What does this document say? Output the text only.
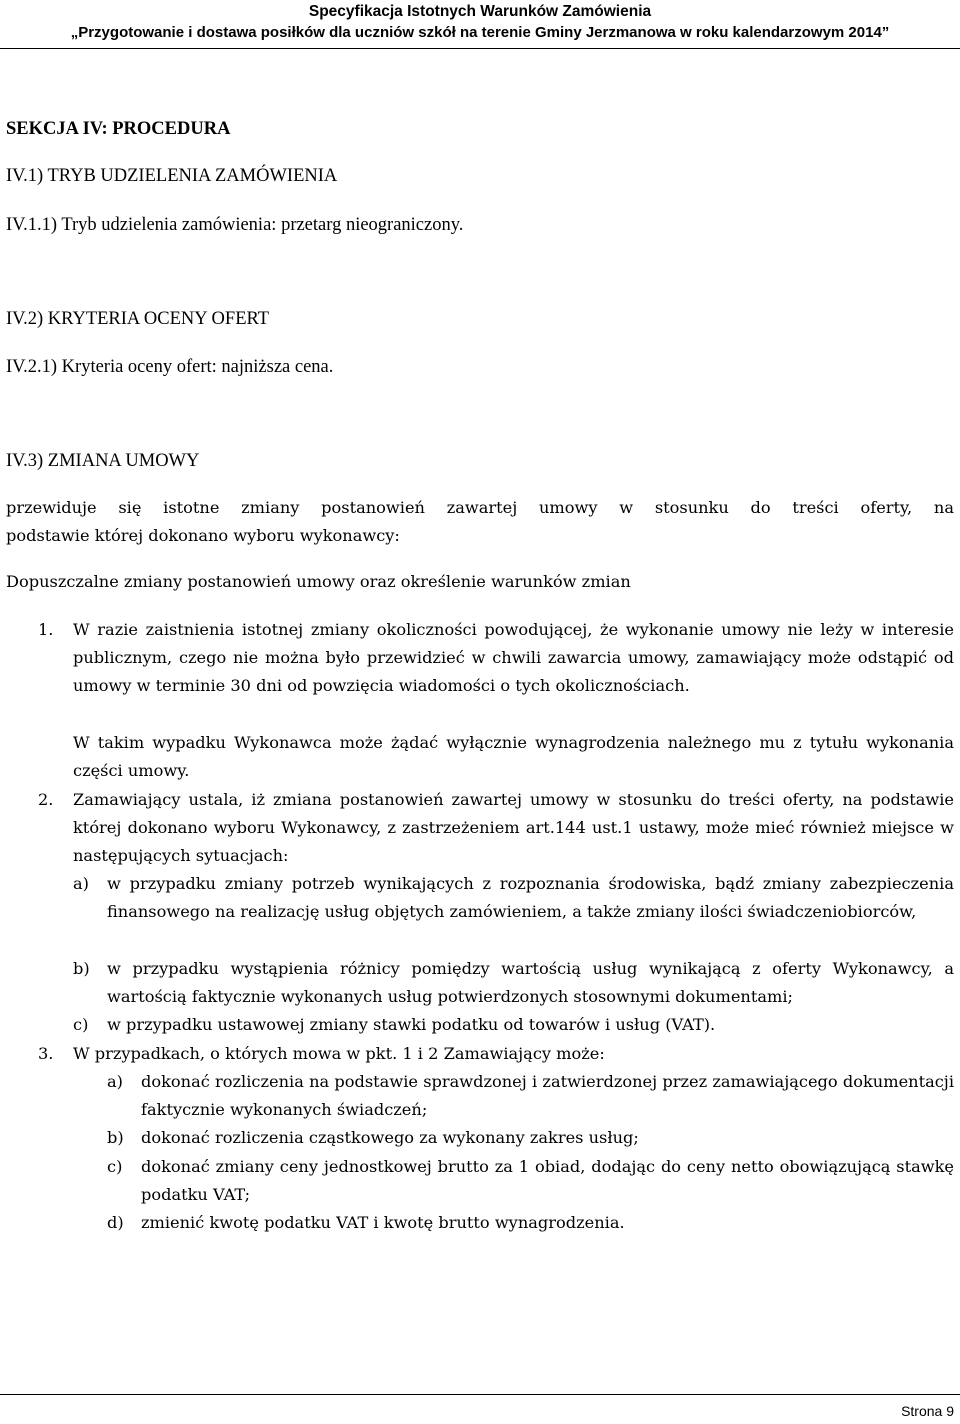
Specyfikacja Istotnych Warunków Zamówienia
„Przygotowanie i dostawa posiłków dla uczniów szkół na terenie Gminy Jerzmanowa w roku kalendarzowym 2014”
SEKCJA IV: PROCEDURA
IV.1) TRYB UDZIELENIA ZAMÓWIENIA
IV.1.1) Tryb udzielenia zamówienia: przetarg nieograniczony.
IV.2) KRYTERIA OCENY OFERT
IV.2.1) Kryteria oceny ofert: najniższa cena.
IV.3) ZMIANA UMOWY
przewiduje się istotne zmiany postanowień zawartej umowy w stosunku do treści oferty, na
podstawie której dokonano wyboru wykonawcy:
Dopuszczalne zmiany postanowień umowy oraz określenie warunków zmian
1. W razie zaistnienia istotnej zmiany okoliczności powodującej, że wykonanie umowy nie leży w interesie publicznym, czego nie można było przewidzieć w chwili zawarcia umowy, zamawiający może odstąpić od umowy w terminie 30 dni od powzięcia wiadomości o tych okolicznościach.
W takim wypadku Wykonawca może żądać wyłącznie wynagrodzenia należnego mu z tytułu wykonania części umowy.
2. Zamawiający ustala, iż zmiana postanowień zawartej umowy w stosunku do treści oferty, na podstawie której dokonano wyboru Wykonawcy, z zastrzeżeniem art.144 ust.1 ustawy, może mieć również miejsce w następujących sytuacjach:
a) w przypadku zmiany potrzeb wynikających z rozpoznania środowiska, bądź zmiany zabezpieczenia finansowego na realizację usług objętych zamówieniem, a także zmiany ilości świadczeniobiorców,
b) w przypadku wystąpienia różnicy pomiędzy wartością usług wynikającą z oferty Wykonawcy, a wartością faktycznie wykonanych usług potwierdzonych stosownymi dokumentami;
c) w przypadku ustawowej zmiany stawki podatku od towarów i usług (VAT).
3. W przypadkach, o których mowa w pkt. 1 i 2 Zamawiający może:
a) dokonać rozliczenia na podstawie sprawdzonej i zatwierdzonej przez zamawiającego dokumentacji faktycznie wykonanych świadczeń;
b) dokonać rozliczenia cząstkowego za wykonany zakres usług;
c) dokonać zmiany ceny jednostkowej brutto za 1 obiad, dodając do ceny netto obowiązującą stawkę podatku VAT;
d) zmienić kwotę podatku VAT i kwotę brutto wynagrodzenia.
Strona 9
